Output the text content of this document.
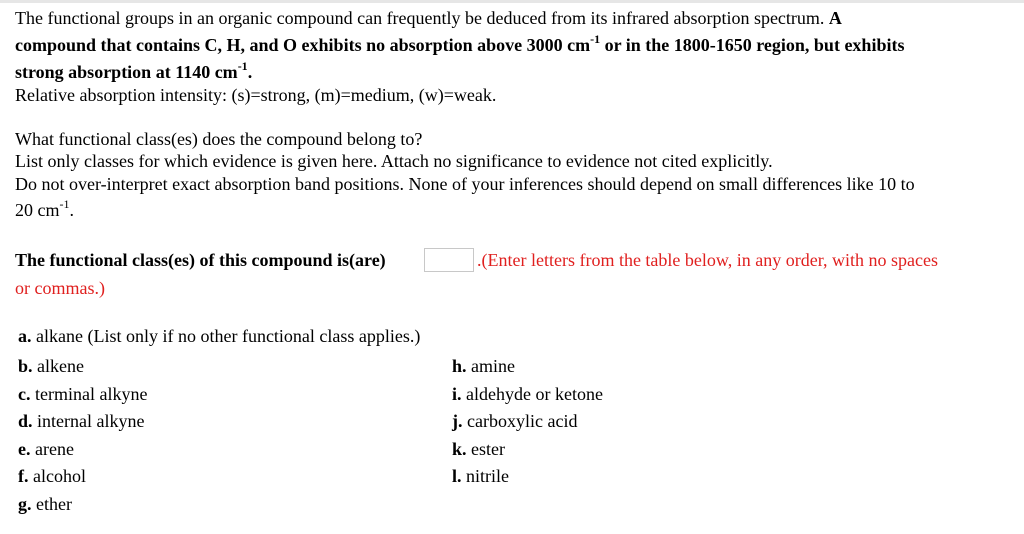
The functional groups in an organic compound can frequently be deduced from its infrared absorption spectrum. A
compound that contains C, H, and O exhibits no absorption above 3000 $cm^{-1}$ or in the 1800-1650 region, but exhibits
strong absorption at 1140 $cm^{-1}$.
Relative absorption intensity: (s)=strong, (m)=medium, (w)=weak.
What functional class(es) does the compound belong to?
List only classes for which evidence is given here. Attach no significance to evidence not cited explicitly.
Do not over-interpret exact absorption band positions. None of your inferences should depend on small differences like 10 to
20 $cm^{-1}$.
The functional class(es) of this compound is(are)	.(Enter letters from the table below, in any order, with no spaces
or commas.)
a. alkane (List only if no other functional class applies.)
b. alkene
c. terminal alkyne
d. internal alkyne
e. arene
f. alcohol
g. ether
h. amine
i. aldehyde or ketone
j. carboxylic acid
k. ester
l. nitrile
